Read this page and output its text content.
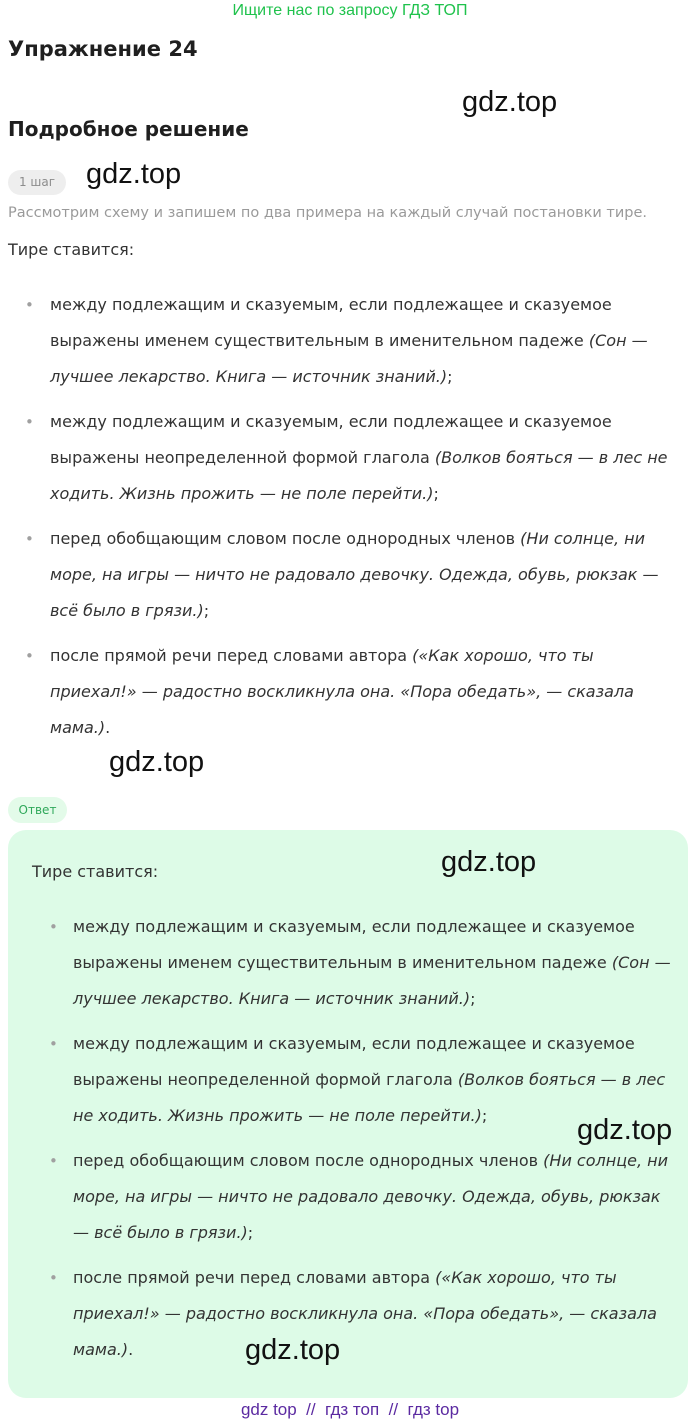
Ищите нас по запросу ГДЗ ТОП
Упражнение 24
gdz.top
Подробное решение
1 шаг	gdz.top

Рассмотрим схему и запишем по два примера на каждый случай постановки тире.

Тире ставится:

• между подлежащим и сказуемым, если подлежащее и сказуемое выражены именем существительным в именительном падеже (Сон — лучшее лекарство. Книга — источник знаний.);
• между подлежащим и сказуемым, если подлежащее и сказуемое выражены неопределенной формой глагола (Волков бояться — в лес не ходить. Жизнь прожить — не поле перейти.);
• перед обобщающим словом после однородных членов (Ни солнце, ни море, на игры — ничто не радовало девочку. Одежда, обувь, рюкзак — всё было в грязи.);
• после прямой речи перед словами автора («Как хорошо, что ты приехал!» — радостно воскликнула она. «Пора обедать», — сказала мама.).
gdz.top
Ответ

Тире ставится:

• между подлежащим и сказуемым, если подлежащее и сказуемое выражены именем существительным в именительном падеже (Сон — лучшее лекарство. Книга — источник знаний.);
• между подлежащим и сказуемым, если подлежащее и сказуемое выражены неопределенной формой глагола (Волков бояться — в лес не ходить. Жизнь прожить — не поле перейти.);
• перед обобщающим словом после однородных членов (Ни солнце, ни море, на игры — ничто не радовало девочку. Одежда, обувь, рюкзак — всё было в грязи.);
• после прямой речи перед словами автора («Как хорошо, что ты приехал!» — радостно воскликнула она. «Пора обедать», — сказала мама.).
gdz.top
gdz.top
gdz.top
gdz top  //  гдз топ  //  гдз top
